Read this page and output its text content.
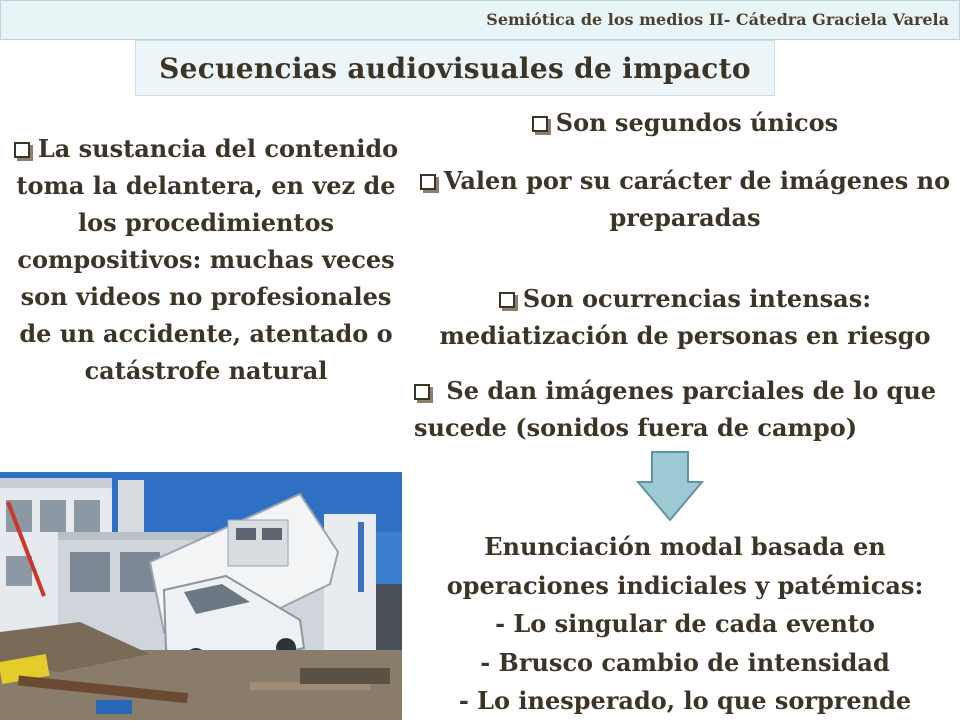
Semiótica de los medios II- Cátedra Graciela Varela
Secuencias audiovisuales de impacto
La sustancia del contenido toma la delantera, en vez de los procedimientos compositivos: muchas veces son videos no profesionales de un accidente, atentado o catástrofe natural
Son segundos únicos
Valen por su carácter de imágenes no preparadas
Son ocurrencias intensas: mediatización de personas en riesgo
Se dan imágenes parciales de lo que sucede (sonidos fuera de campo)
Enunciación modal basada en operaciones indiciales y patémicas:
- Lo singular de cada evento
- Brusco cambio de intensidad
- Lo inesperado, lo que sorprende
